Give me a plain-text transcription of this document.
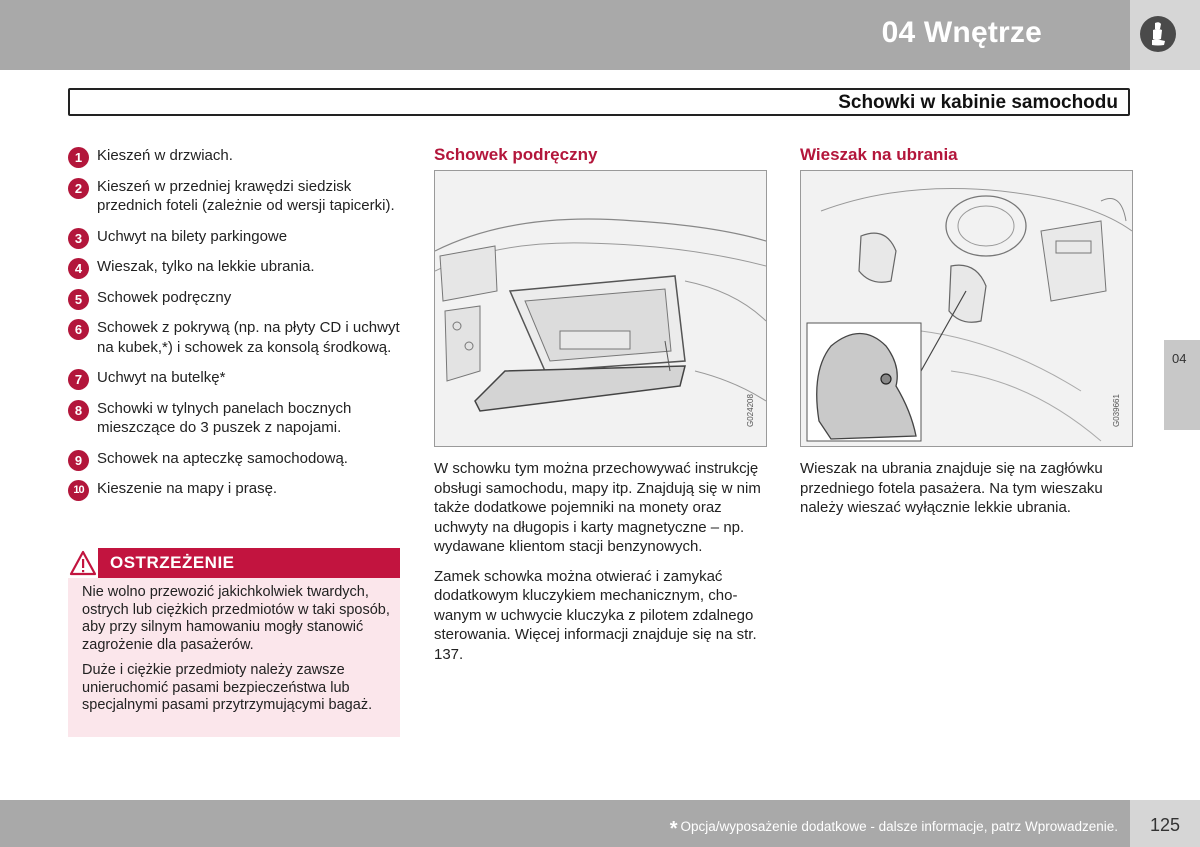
04 Wnętrze
Schowki w kabinie samochodu
04
1 Kieszeń w drzwiach.
2 Kieszeń w przedniej krawędzi siedzisk przednich foteli (zależnie od wersji tapicerki).
3 Uchwyt na bilety parkingowe
4 Wieszak, tylko na lekkie ubrania.
5 Schowek podręczny
6 Schowek z pokrywą (np. na płyty CD i uchwyt na kubek,*) i schowek za konsolą środkową.
7 Uchwyt na butelkę*
8 Schowki w tylnych panelach bocznych mieszczące do 3 puszek z napojami.
9 Schowek na apteczkę samochodową.
10 Kieszenie na mapy i prasę.
OSTRZEŻENIE

Nie wolno przewozić jakichkolwiek twardych, ostrych lub ciężkich przedmiotów w taki sposób, aby przy silnym hamowaniu mogły stanowić zagrożenie dla pasażerów.

Duże i ciężkie przedmioty należy zawsze unieruchomić pasami bezpieczeństwa lub specjalnymi pasami przytrzymującymi bagaż.

Schowek podręczny
G024208

W schowku tym można przechowywać instrukcję obsługi samochodu, mapy itp. Znajdują się w nim także dodatkowe pojemniki na monety oraz uchwyty na długopis i karty magnetyczne – np. wydawane klientom stacji benzynowych.

Zamek schowka można otwierać i zamykać dodatkowym kluczykiem mechanicznym, chowanym w uchwycie kluczyka z pilotem zdalnego sterowania. Więcej informacji znajduje się na str. 137.

Wieszak na ubrania
G039661

Wieszak na ubrania znajduje się na zagłówku przedniego fotela pasażera. Na tym wieszaku należy wieszać wyłącznie lekkie ubrania.

* Opcja/wyposażenie dodatkowe - dalsze informacje, patrz Wprowadzenie. 125
